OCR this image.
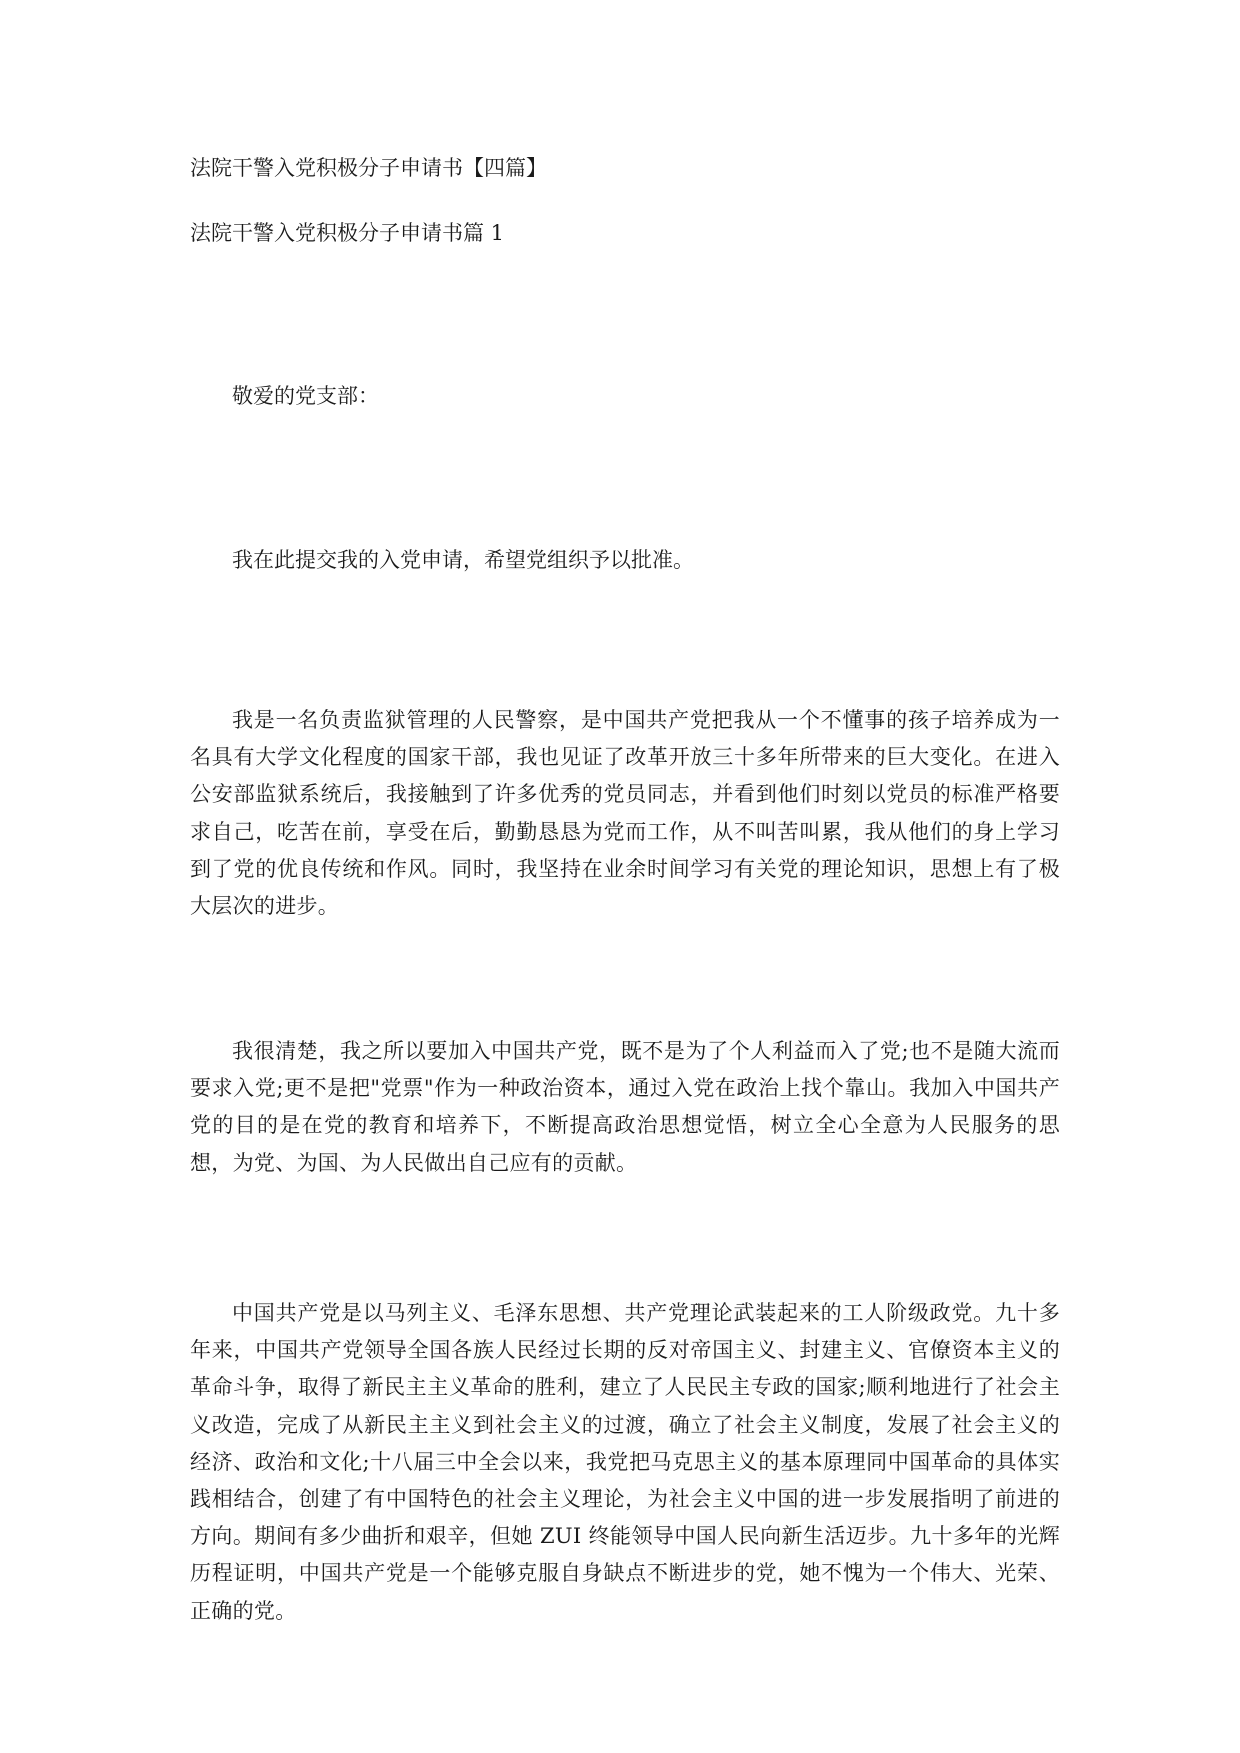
法院干警入党积极分子申请书【四篇】
法院干警入党积极分子申请书篇 1
敬爱的党支部：
我在此提交我的入党申请，希望党组织予以批准。

我是一名负责监狱管理的人民警察，是中国共产党把我从一个不懂事的孩子培养成为一名具有大学文化程度的国家干部，我也见证了改革开放三十多年所带来的巨大变化。在进入公安部监狱系统后，我接触到了许多优秀的党员同志，并看到他们时刻以党员的标准严格要求自己，吃苦在前，享受在后，勤勤恳恳为党而工作，从不叫苦叫累，我从他们的身上学习到了党的优良传统和作风。同时，我坚持在业余时间学习有关党的理论知识，思想上有了极大层次的进步。

我很清楚，我之所以要加入中国共产党，既不是为了个人利益而入了党;也不是随大流而要求入党;更不是把"党票"作为一种政治资本，通过入党在政治上找个靠山。我加入中国共产党的目的是在党的教育和培养下，不断提高政治思想觉悟，树立全心全意为人民服务的思想，为党、为国、为人民做出自己应有的贡献。

中国共产党是以马列主义、毛泽东思想、共产党理论武装起来的工人阶级政党。九十多年来，中国共产党领导全国各族人民经过长期的反对帝国主义、封建主义、官僚资本主义的革命斗争，取得了新民主主义革命的胜利，建立了人民民主专政的国家;顺利地进行了社会主义改造，完成了从新民主主义到社会主义的过渡，确立了社会主义制度，发展了社会主义的经济、政治和文化;十八届三中全会以来，我党把马克思主义的基本原理同中国革命的具体实践相结合，创建了有中国特色的社会主义理论，为社会主义中国的进一步发展指明了前进的方向。期间有多少曲折和艰辛，但她 ZUI 终能领导中国人民向新生活迈步。九十多年的光辉历程证明，中国共产党是一个能够克服自身缺点不断进步的党，她不愧为一个伟大、光荣、正确的党。
